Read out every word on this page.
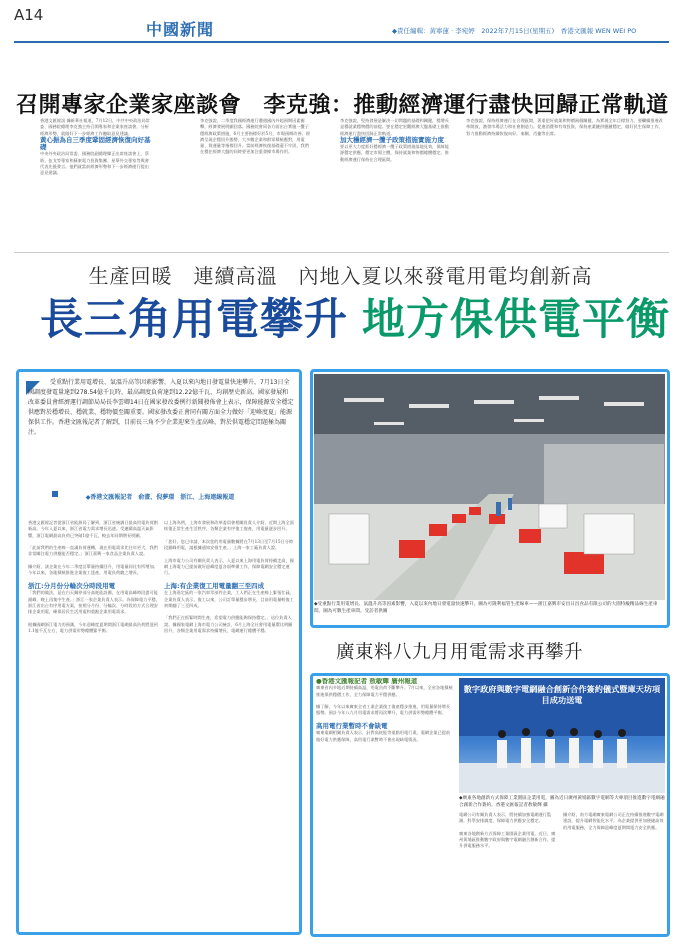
A14
中國新聞	◆責任編輯：黃寧蓮 · 李宛婷　2022年7月15日(星期五)　香港文匯報 WEN WEI PO
召開專家企業家座談會　李克強：推動經濟運行盡快回歸正常軌道
香港文匯報訊 據新華社報道，7月12日，中共中央政治局常委、國務院總理李克強主持召開專家和企業家座談會，分析經濟形勢，就做好下一步經濟工作聽取意見建議。
黃心振為自三季度鞏固經濟恢復向好基礎
中央外央政治局常委、國務院副總理韓正出席座談會上，蔡昉、伍戈等專家和蘇東電力投資集團、星華外交專家等與會代表先後發言。他們就當前經濟形勢和下一步經濟運行提出意見建議。
李克強說，二季度我國經濟運行遭遇國內外超預期因素衝擊，經濟發展明顯回落。國務院會同各方面出台實施一攬子穩經濟政策措施，6月主要指標好於5月，市場預期改善。經濟呈現企穩回升態勢，大多數企業和群眾積極應對，用電量、貨運量等指標回升。當前經濟恢復基礎還不牢固，我們在穩住經濟大盤的同時要更加注重發揮市場作用。
李克強說，堅持發展是解決一切問題的基礎和關鍵，穩增長是穩就業穩物價的前提。要在穩定宏觀經濟大盤基礎上推動經濟運行盡快回歸正常軌道。
加大穩經濟一攬子政策措施實施力度
要以更大力度抓好穩經濟一攬子政策措施落地見效，保障能源穩定供應，穩定市場主體，保持就業和物價總體穩定，推動經濟運行保持在合理區間。
李克強說，保持經濟運行在合理區間，著重把好就業和物價兩個關鍵，為實現全年目標努力。要繼續推進改革開放，激發市場活力和社會創造力。促進消費和有效投資，保持產業鏈供應鏈穩定，做好民生保障工作，努力推動經濟持續恢復向好。秦剛、肖捷等出席。
生產回暖　連續高溫　內地入夏以來發電用電均創新高
長三角用電攀升 地方保供電平衡
受重點行業用電增長、氣溫升高等因素影響，入夏以來內地日發電量快速攀升，7月13日全國調度發電量達到278.54億千瓦時，最高調度負荷達到12.22億千瓦，均創歷史新高。國家發展和改革委員會經濟運行調節局局長李雲卿14日在國家發改委例行新聞發佈會上表示，保障能源安全穩定供應對於穩增長、穩就業、穩物價至關重要。國家發改委正會同有關方面全力做好「迎峰度夏」能源保供工作。香港文匯報記者了解到，目前長三角不少企業迎來生產高峰，對於供電穩定問題極為關注。
◆香港文匯報記者　俞晝、倪夢璟　浙江、上海連線報道
香港文匯報記者從浙江省能源局了解到，浙江省統調日最高用電負荷創新高。今年入夏以來，浙江省電力需求增長迅速。受連續高溫天氣影響，浙江電網最高負荷已突破1億千瓦，較去年同期增長明顯。

「此前我們的生產線一直滿負荷運轉，現在用電需求比往年更大，我們非常關注電力供應能否穩定。」浙江嘉興一家食品企業負責人說。

據介紹，該企業在今年二季度訂單量持續回升，用電量同比有所增加。今年以來，各地積極推進企業復工達產，用電負荷隨之增長。

浙江:分月份分輪次分時段用電
「我們的做法，是在白天關停部分高耗能設備，在用電高峰時段盡可能錯峰，晚上再集中生產。」浙江一家企業負責人表示。為保障電力平穩，浙江省出台有序用電方案，按照分月份、分輪次、分時段的方式合理安排企業用電，確保居民生活用電和重點企業用電需求。

根據國網浙江電力的預測，今年迎峰度夏期間浙江電網最高負荷將達到1.1億千瓦左右，電力供需形勢總體緊平衡。
以上海為例，上海市發展和改革委員會相關負責人介紹，近期上海全面恢復正常生產生活秩序，各類企業有序復工復產，用電量逐步回升。

「您好，您已申請，本次您的用電量數據將在7月13日至7月15日分時段錯峰用電，請根據通知安排生產。」上海一家工廠負責人說。

上海市電力公司有關負責人表示，入夏以來上海用電負荷持續走高，國網上海電力已提前做好迎峰度夏各項準備工作，保障電網安全穩定運行。

上海:有企業復工用電量翻三至四成
在上海嘉定區的一家汽車零部件企業，工人們正在生產線上緊張忙碌。企業負責人表示，復工以來，公司訂單量穩步增長，目前用電量較復工初期翻了三至四成。

「我們正在抓緊時間生產，希望電力供應能夠保持穩定。」這位負責人說。據國家電網上海市電力公司統計，6月上海全社會用電量環比明顯回升，各類企業用電需求持續增長，電網運行總體平穩。
◆受重點行業用電增長、氣溫升高等因素影響，入夏以來內地日發電量快速攀升。圖為可隆利福管生產線車——浙江嘉興市安昌日昌食品有限公司的大園特級精品線生產車間。圖為可數生產車間。受訪者供圖
廣東料八九月用電需求再攀升
●香港文匯報記者 敖敏輝 廣州報道
廣東省內多地近期持續高溫，用電負荷不斷攀升。7月以來，全省各地積極推進保供穩價工作，全力保障電力平穩供應。

據了解，今年以來廣東全省工業企業復工復產穩步推進，用電量保持增長態勢。預計今年八九月用電需求將再次攀升，電力供需形勢總體平衡。

高用電行業暫時不會缺電
廣東電網相關負責人表示，針對高耗能等重點用電行業，電網企業已提前做好電力供應保障，高用電行業暫時不會出現缺電情況。
數字政府與數字電網融合創新合作簽約儀式暨庫天坊項目成功送電
◆廣東各地創新方式保障工業園區企業用電，圖為近日廣州黃埔區數字電網等大專項目推進數字電網融合創新合作簽約。香港文匯報記者敖敏輝 攝
電網公司有關負責人表示，將持續加強電網運行監測，科學安排調度，保障電力供應安全穩定。

廣東各地創新方式保障工業園區企業用電。近日，廣州黃埔區推動數字政府與數字電網融合創新合作，提升供電服務水平。
據介紹，南方電網廣東電網公司正在持續推進數字電網建設，提升電網智能化水平，為企業提供更加便捷高效的用電服務，全力保障迎峰度夏期間電力安全供應。
